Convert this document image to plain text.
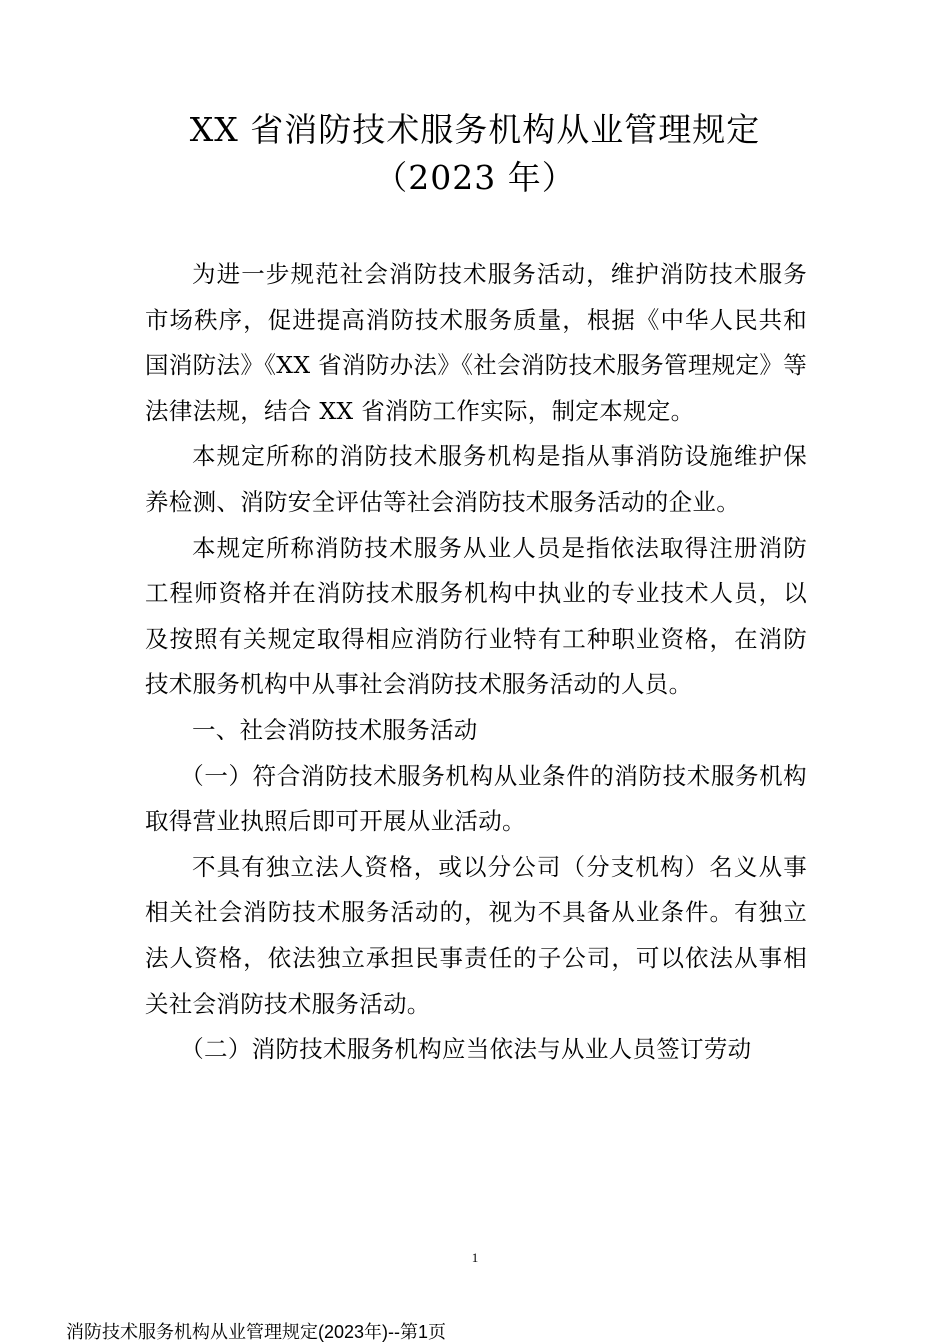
XX 省消防技术服务机构从业管理规定
（2023 年）

为进一步规范社会消防技术服务活动，维护消防技术服务市场秩序，促进提高消防技术服务质量，根据《中华人民共和国消防法》《XX 省消防办法》《社会消防技术服务管理规定》等法律法规，结合 XX 省消防工作实际，制定本规定。

本规定所称的消防技术服务机构是指从事消防设施维护保养检测、消防安全评估等社会消防技术服务活动的企业。

本规定所称消防技术服务从业人员是指依法取得注册消防工程师资格并在消防技术服务机构中执业的专业技术人员，以及按照有关规定取得相应消防行业特有工种职业资格，在消防技术服务机构中从事社会消防技术服务活动的人员。

一、社会消防技术服务活动

（一）符合消防技术服务机构从业条件的消防技术服务机构取得营业执照后即可开展从业活动。

不具有独立法人资格，或以分公司（分支机构）名义从事相关社会消防技术服务活动的，视为不具备从业条件。有独立法人资格，依法独立承担民事责任的子公司，可以依法从事相关社会消防技术服务活动。

（二）消防技术服务机构应当依法与从业人员签订劳动

1
消防技术服务机构从业管理规定(2023年)--第1页
